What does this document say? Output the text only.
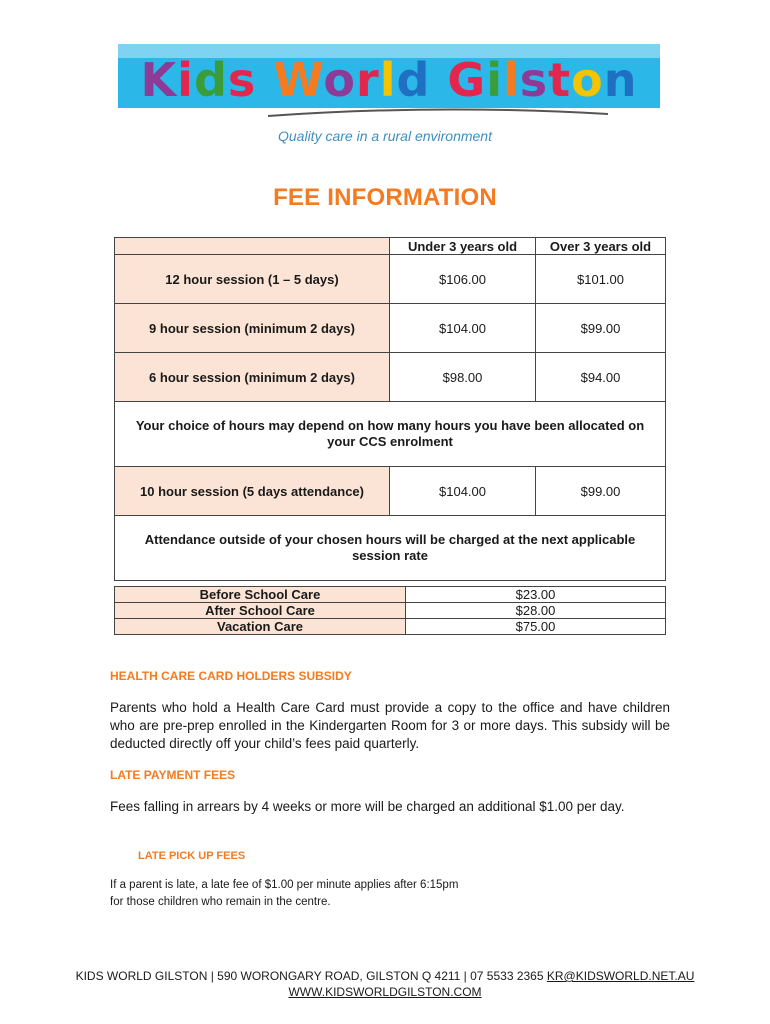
Kids World Gilston
Quality care in a rural environment
FEE INFORMATION
	Under 3 years old	Over 3 years old
12 hour session (1 – 5 days)	$106.00	$101.00
9 hour session (minimum 2 days)	$104.00	$99.00
6 hour session (minimum 2 days)	$98.00	$94.00
Your choice of hours may depend on how many hours you have been allocated on your CCS enrolment		
10 hour session (5 days attendance)	$104.00	$99.00
Attendance outside of your chosen hours will be charged at the next applicable session rate		
Before School Care	$23.00
After School Care	$28.00
Vacation Care	$75.00
HEALTH CARE CARD HOLDERS SUBSIDY
Parents who hold a Health Care Card must provide a copy to the office and have children who are pre-prep enrolled in the Kindergarten Room for 3 or more days. This subsidy will be deducted directly off your child’s fees paid quarterly.
LATE PAYMENT FEES
Fees falling in arrears by 4 weeks or more will be charged an additional $1.00 per day.
LATE PICK UP FEES
If a parent is late, a late fee of $1.00 per minute applies after 6:15pm
for those children who remain in the centre.
KIDS WORLD GILSTON | 590 WORONGARY ROAD, GILSTON Q 4211 | 07 5533 2365 KR@KIDSWORLD.NET.AU
WWW.KIDSWORLDGILSTON.COM
